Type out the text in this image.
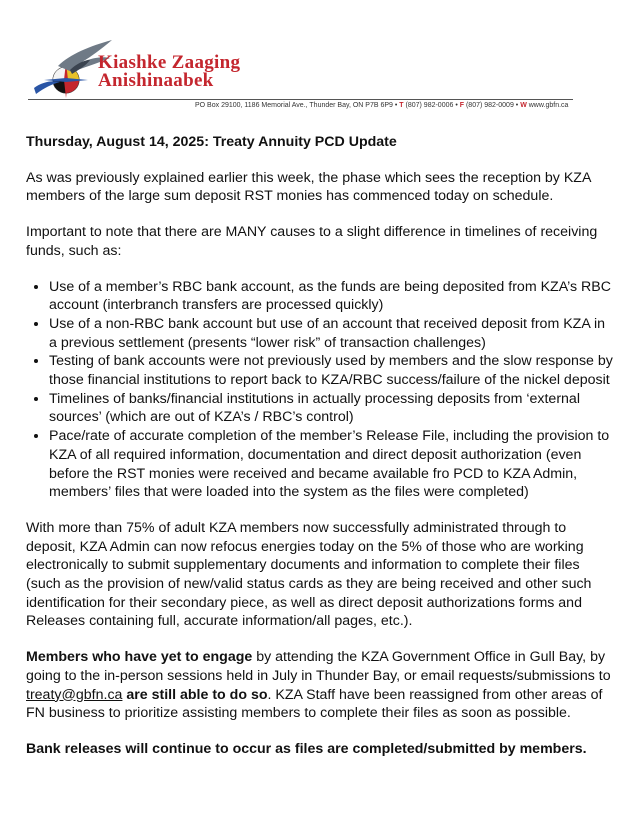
Kiashke Zaaging
Anishinaabek
PO Box 29100, 1186 Memorial Ave., Thunder Bay, ON P7B 6P9 • T (807) 982-0006 • F (807) 982-0009 • W www.gbfn.ca
Thursday, August 14, 2025: Treaty Annuity PCD Update

As was previously explained earlier this week, the phase which sees the reception by KZA members of the large sum deposit RST monies has commenced today on schedule.

Important to note that there are MANY causes to a slight difference in timelines of receiving funds, such as:

• Use of a member’s RBC bank account, as the funds are being deposited from KZA’s RBC account (interbranch transfers are processed quickly)
• Use of a non-RBC bank account but use of an account that received deposit from KZA in a previous settlement (presents “lower risk” of transaction challenges)
• Testing of bank accounts were not previously used by members and the slow response by those financial institutions to report back to KZA/RBC success/failure of the nickel deposit
• Timelines of banks/financial institutions in actually processing deposits from ‘external sources’ (which are out of KZA’s / RBC’s control)
• Pace/rate of accurate completion of the member’s Release File, including the provision to KZA of all required information, documentation and direct deposit authorization (even before the RST monies were received and became available fro PCD to KZA Admin, members’ files that were loaded into the system as the files were completed)

With more than 75% of adult KZA members now successfully administrated through to deposit, KZA Admin can now refocus energies today on the 5% of those who are working electronically to submit supplementary documents and information to complete their files (such as the provision of new/valid status cards as they are being received and other such identification for their secondary piece, as well as direct deposit authorizations forms and Releases containing full, accurate information/all pages, etc.).

Members who have yet to engage by attending the KZA Government Office in Gull Bay, by going to the in-person sessions held in July in Thunder Bay, or email requests/submissions to treaty@gbfn.ca are still able to do so. KZA Staff have been reassigned from other areas of FN business to prioritize assisting members to complete their files as soon as possible.

Bank releases will continue to occur as files are completed/submitted by members.
